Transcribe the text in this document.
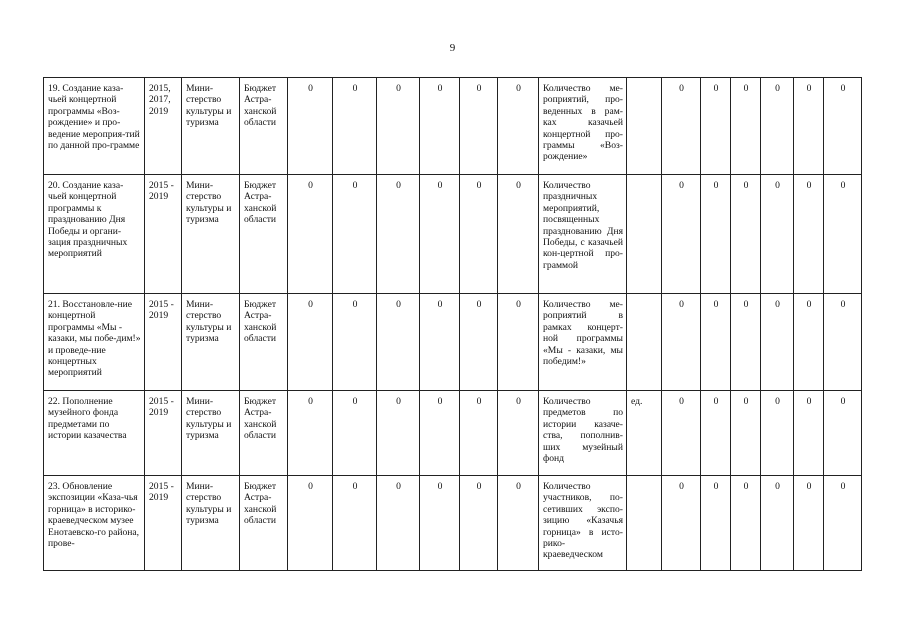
9
19. Создание каза-чьей концертной программы «Воз-рождение» и про-ведение мероприя-тий по данной про-грамме	2015, 2017, 2019	Мини-стерство культуры и туризма	Бюджет Астра-ханской области	0	0	0	0	0	0	Количество ме-роприятий, про-веденных в рам-ках казачьей концертной про-граммы «Воз-рождение»		0	0	0	0	0	0
20. Создание каза-чьей концертной программы к празднованию Дня Победы и органи-зация праздничных мероприятий	2015 - 2019	Мини-стерство культуры и туризма	Бюджет Астра-ханской области	0	0	0	0	0	0	Количество праздничных мероприятий, посвященных празднованию Дня Победы, с казачьей кон-цертной про-граммой		0	0	0	0	0	0
21. Восстановле-ние концертной программы «Мы - казаки, мы побе-дим!» и проведе-ние концертных мероприятий	2015 - 2019	Мини-стерство культуры и туризма	Бюджет Астра-ханской области	0	0	0	0	0	0	Количество ме-роприятий в рамках концерт-ной программы «Мы - казаки, мы победим!»		0	0	0	0	0	0
22. Пополнение музейного фонда предметами по истории казачества	2015 - 2019	Мини-стерство культуры и туризма	Бюджет Астра-ханской области	0	0	0	0	0	0	Количество предметов по истории казаче-ства, пополнив-ших музейный фонд	ед.	0	0	0	0	0	0
23. Обновление экспозиции «Каза-чья горница» в историко-краеведческом музее Енотаевско-го района, прове-	2015 - 2019	Мини-стерство культуры и туризма	Бюджет Астра-ханской области	0	0	0	0	0	0	Количество участников, по-сетивших экспо-зицию «Казачья горница» в исто-рико-краеведческом		0	0	0	0	0	0
